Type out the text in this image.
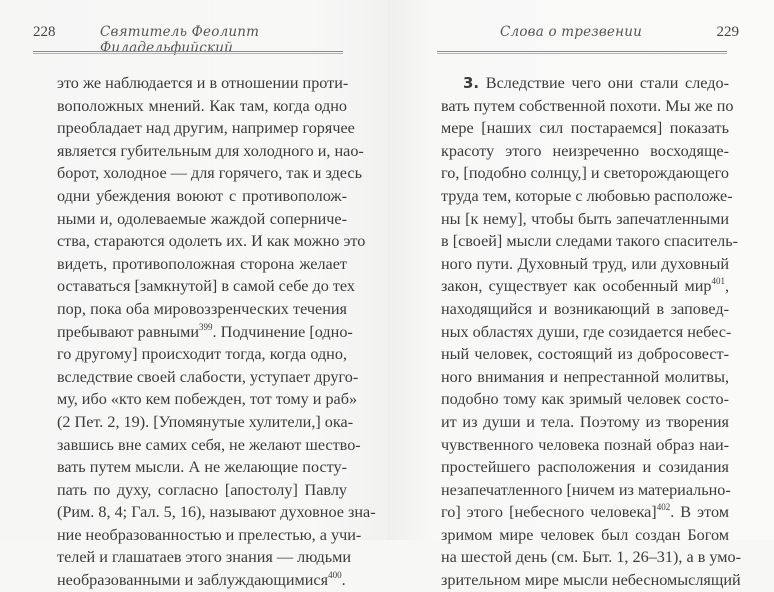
228	Святитель Феолипт Филадельфийский
это же наблюдается и в отношении проти-
воположных мнений. Как там, когда одно
преобладает над другим, например горячее
является губительным для холодного и, нао-
борот, холодное — для горячего, так и здесь
одни убеждения воюют с противополож-
ными и, одолеваемые жаждой соперниче-
ства, стараются одолеть их. И как можно это
видеть, противоположная сторона желает
оставаться [замкнутой] в самой себе до тех
пор, пока оба мировоззренческих течения
пребывают равными$^{399}$. Подчинение [одно-
го другому] происходит тогда, когда одно,
вследствие своей слабости, уступает друго-
му, ибо «кто кем побежден, тот тому и раб»
(2 Пет. 2, 19). [Упомянутые хулители,] ока-
завшись вне самих себя, не желают шество-
вать путем мысли. А не желающие посту-
пать по духу, согласно [апостолу] Павлу
(Рим. 8, 4; Гал. 5, 16), называют духовное зна-
ние необразованностью и прелестью, а учи-
телей и глашатаев этого знания — людьми
необразованными и заблуждающимися$^{400}$.
Слова о трезвении	229
3. Вследствие чего они стали следо-
вать путем собственной похоти. Мы же по
мере [наших сил постараемся] показать
красоту этого неизреченно восходяще-
го, [подобно солнцу,] и светорождающего
труда тем, которые с любовью расположе-
ны [к нему], чтобы быть запечатленными
в [своей] мысли следами такого спаситель-
ного пути. Духовный труд, или духовный
закон, существует как особенный мир$^{401}$,
находящийся и возникающий в заповед-
ных областях души, где созидается небес-
ный человек, состоящий из добросовест-
ного внимания и непрестанной молитвы,
подобно тому как зримый человек состо-
ит из души и тела. Поэтому из творения
чувственного человека познай образ наи-
простейшего расположения и созидания
незапечатленного [ничем из материально-
го] этого [небесного человека]$^{402}$. В этом
зримом мире человек был создан Богом
на шестой день (см. Быт. 1, 26–31), а в умо-
зрительном мире мысли небесномыслящий
